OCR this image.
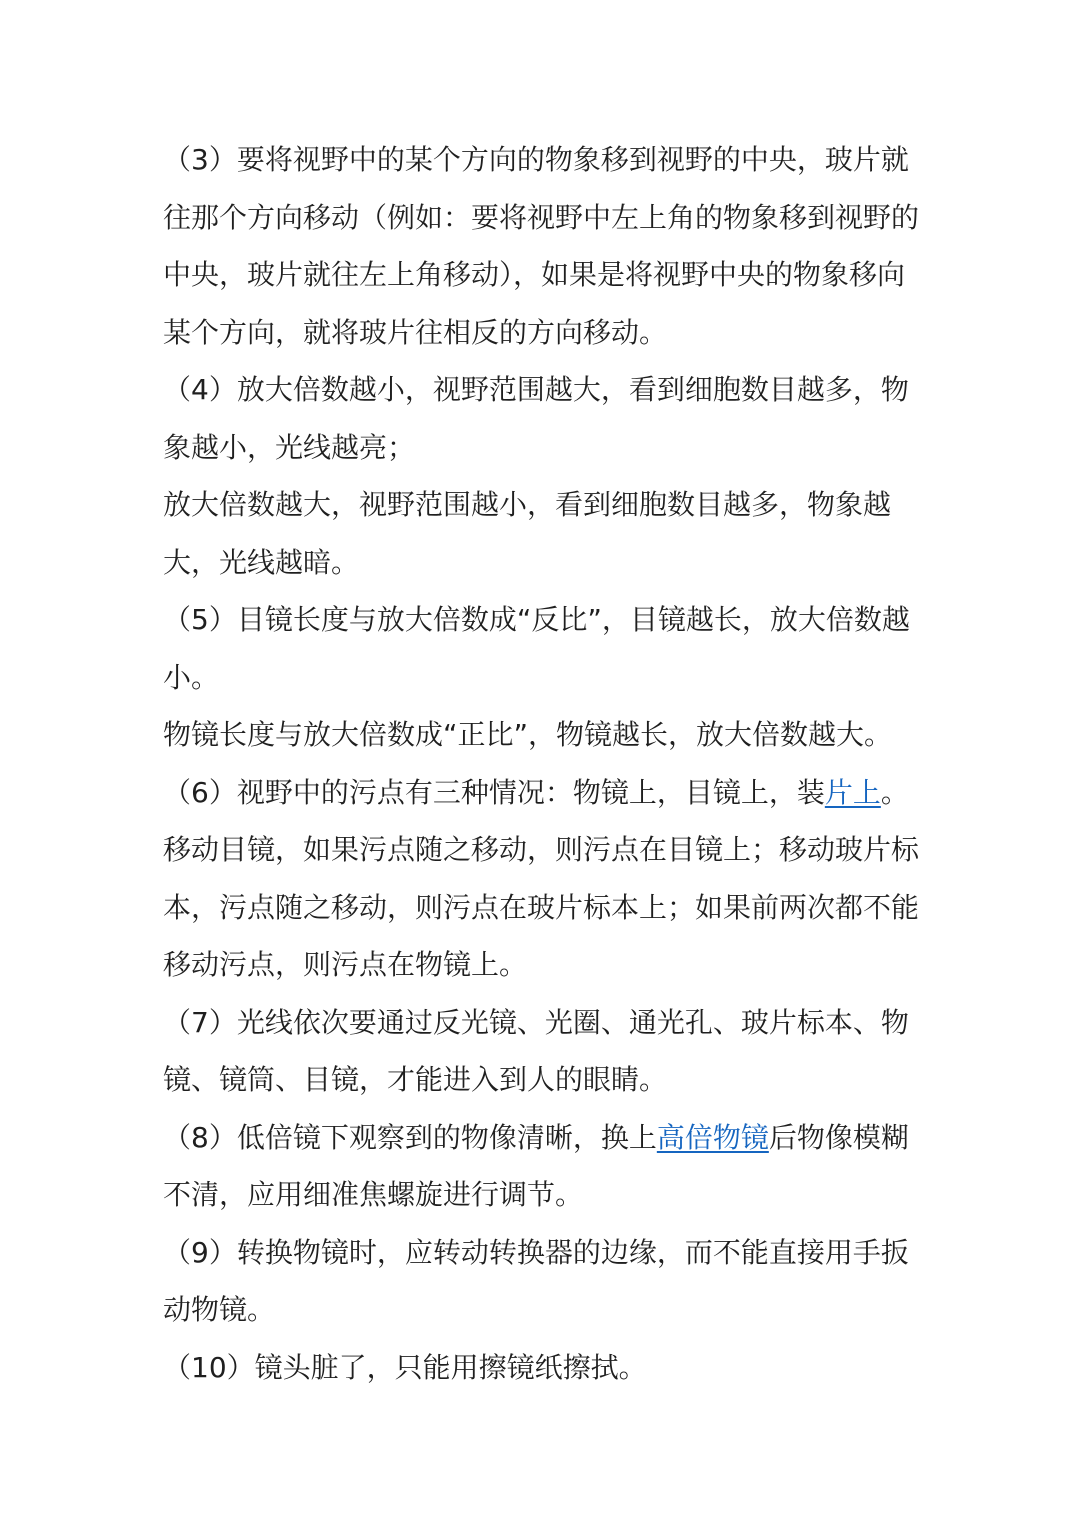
（3）要将视野中的某个方向的物象移到视野的中央，玻片就往那个方向移动（例如：要将视野中左上角的物象移到视野的中央，玻片就往左上角移动），如果是将视野中央的物象移向某个方向，就将玻片往相反的方向移动。

（4）放大倍数越小，视野范围越大，看到细胞数目越多，物象越小，光线越亮；

放大倍数越大，视野范围越小，看到细胞数目越多，物象越大，光线越暗。

（5）目镜长度与放大倍数成“反比”，目镜越长，放大倍数越小。

物镜长度与放大倍数成“正比”，物镜越长，放大倍数越大。

（6）视野中的污点有三种情况：物镜上，目镜上，装片上。移动目镜，如果污点随之移动，则污点在目镜上；移动玻片标本，污点随之移动，则污点在玻片标本上；如果前两次都不能移动污点，则污点在物镜上。

（7）光线依次要通过反光镜、光圈、通光孔、玻片标本、物镜、镜筒、目镜，才能进入到人的眼睛。

（8）低倍镜下观察到的物像清晰，换上高倍物镜后物像模糊不清，应用细准焦螺旋进行调节。

（9）转换物镜时，应转动转换器的边缘，而不能直接用手扳动物镜。

（10）镜头脏了，只能用擦镜纸擦拭。
